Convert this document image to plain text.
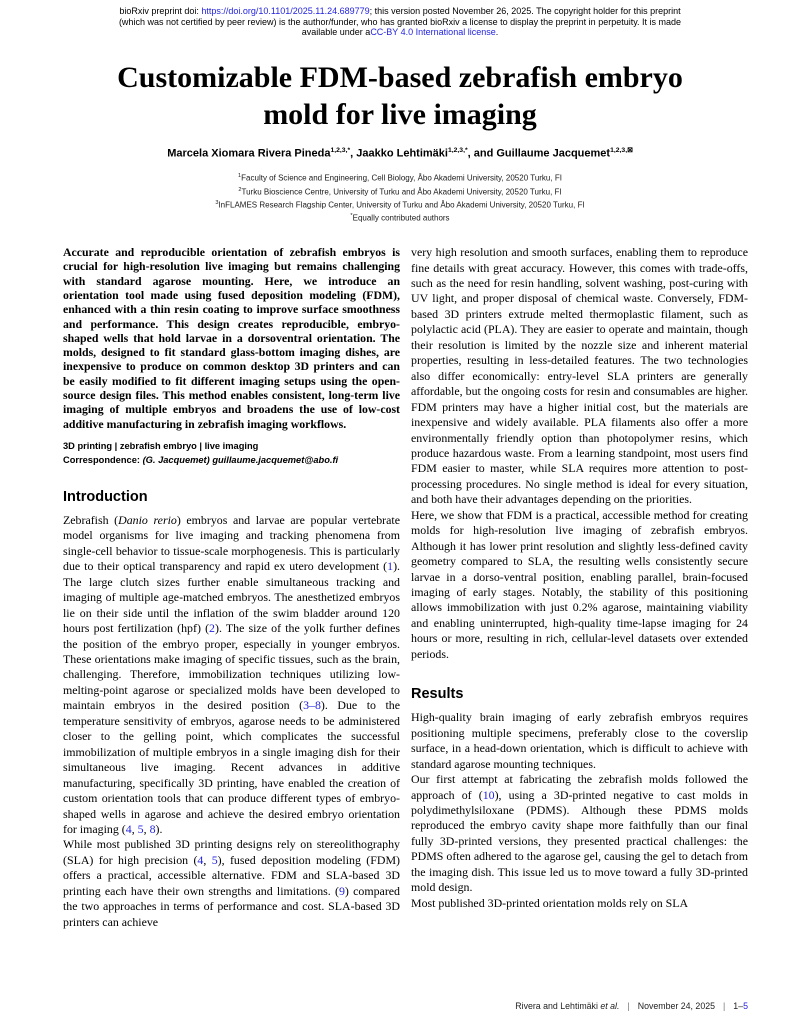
bioRxiv preprint doi: https://doi.org/10.1101/2025.11.24.689779; this version posted November 26, 2025. The copyright holder for this preprint
(which was not certified by peer review) is the author/funder, who has granted bioRxiv a license to display the preprint in perpetuity. It is made
available under aCC-BY 4.0 International license.
Customizable FDM-based zebrafish embryo
mold for live imaging
Marcela Xiomara Rivera Pineda$^{1,2,3,*}$, Jaakko Lehtimäki$^{1,2,3,*}$, and Guillaume Jacquemet$^{1,2,3,⊠}$
$^1$Faculty of Science and Engineering, Cell Biology, Åbo Akademi University, 20520 Turku, FI
$^2$Turku Bioscience Centre, University of Turku and Åbo Akademi University, 20520 Turku, FI
$^3$InFLAMES Research Flagship Center, University of Turku and Åbo Akademi University, 20520 Turku, FI
*Equally contributed authors

Accurate and reproducible orientation of zebrafish embryos is crucial for high-resolution live imaging but remains challenging with standard agarose mounting. Here, we introduce an orientation tool made using fused deposition modeling (FDM), enhanced with a thin resin coating to improve surface smoothness and performance. This design creates reproducible, embryo-shaped wells that hold larvae in a dorsoventral orientation. The molds, designed to fit standard glass-bottom imaging dishes, are inexpensive to produce on common desktop 3D printers and can be easily modified to fit different imaging setups using the open-source design files. This method enables consistent, long-term live imaging of multiple embryos and broadens the use of low-cost additive manufacturing in zebrafish imaging workflows.

3D printing | zebrafish embryo | live imaging
Correspondence: (G. Jacquemet) guillaume.jacquemet@abo.fi
Introduction

Zebrafish (Danio rerio) embryos and larvae are popular vertebrate model organisms for live imaging and tracking phenomena from single-cell behavior to tissue-scale morphogenesis. This is particularly due to their optical transparency and rapid ex utero development (1). The large clutch sizes further enable simultaneous tracking and imaging of multiple age-matched embryos. The anesthetized embryos lie on their side until the inflation of the swim bladder around 120 hours post fertilization (hpf) (2). The size of the yolk further defines the position of the embryo proper, especially in younger embryos. These orientations make imaging of specific tissues, such as the brain, challenging. Therefore, immobilization techniques utilizing low-melting-point agarose or specialized molds have been developed to maintain embryos in the desired position (3–8). Due to the temperature sensitivity of embryos, agarose needs to be administered closer to the gelling point, which complicates the successful immobilization of multiple embryos in a single imaging dish for their simultaneous live imaging. Recent advances in additive manufacturing, specifically 3D printing, have enabled the creation of custom orientation tools that can produce different types of embryo-shaped wells in agarose and achieve the desired embryo orientation for imaging (4, 5, 8).

While most published 3D printing designs rely on stereolithography (SLA) for high precision (4, 5), fused deposition modeling (FDM) offers a practical, accessible alternative. FDM and SLA-based 3D printing each have their own strengths and limitations. (9) compared the two approaches in terms of performance and cost. SLA-based 3D printers can achieve

very high resolution and smooth surfaces, enabling them to reproduce fine details with great accuracy. However, this comes with trade-offs, such as the need for resin handling, solvent washing, post-curing with UV light, and proper disposal of chemical waste. Conversely, FDM-based 3D printers extrude melted thermoplastic filament, such as polylactic acid (PLA). They are easier to operate and maintain, though their resolution is limited by the nozzle size and inherent material properties, resulting in less-detailed features. The two technologies also differ economically: entry-level SLA printers are generally affordable, but the ongoing costs for resin and consumables are higher. FDM printers may have a higher initial cost, but the materials are inexpensive and widely available. PLA filaments also offer a more environmentally friendly option than photopolymer resins, which produce hazardous waste. From a learning standpoint, most users find FDM easier to master, while SLA requires more attention to post-processing procedures. No single method is ideal for every situation, and both have their advantages depending on the priorities.

Here, we show that FDM is a practical, accessible method for creating molds for high-resolution live imaging of zebrafish embryos. Although it has lower print resolution and slightly less-defined cavity geometry compared to SLA, the resulting wells consistently secure larvae in a dorso-ventral position, enabling parallel, brain-focused imaging of early stages. Notably, the stability of this positioning allows immobilization with just 0.2% agarose, maintaining viability and enabling uninterrupted, high-quality time-lapse imaging for 24 hours or more, resulting in rich, cellular-level datasets over extended periods.

Results

High-quality brain imaging of early zebrafish embryos requires positioning multiple specimens, preferably close to the coverslip surface, in a head-down orientation, which is difficult to achieve with standard agarose mounting techniques.

Our first attempt at fabricating the zebrafish molds followed the approach of (10), using a 3D-printed negative to cast molds in polydimethylsiloxane (PDMS). Although these PDMS molds reproduced the embryo cavity shape more faithfully than our final fully 3D-printed versions, they presented practical challenges: the PDMS often adhered to the agarose gel, causing the gel to detach from the imaging dish. This issue led us to move toward a fully 3D-printed mold design.

Most published 3D-printed orientation molds rely on SLA

Rivera and Lehtimäki et al. | November 24, 2025 | 1–5
